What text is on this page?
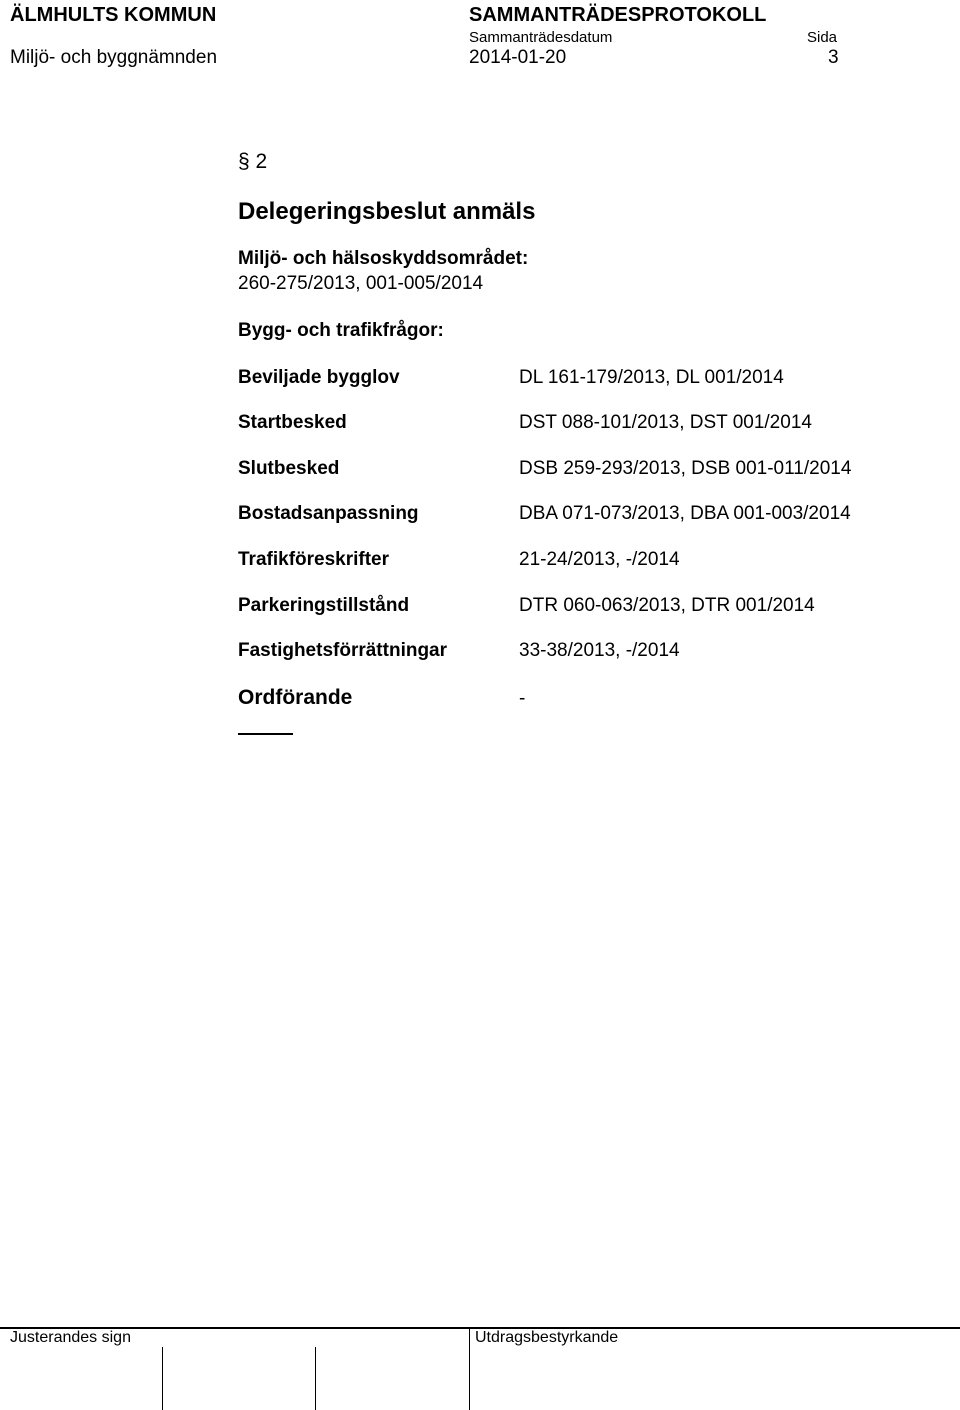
ÄLMHULTS KOMMUN
Miljö- och byggnämnden
SAMMANTRÄDESPROTOKOLL
Sammanträdesdatum
2014-01-20
Sida
3
§ 2
Delegeringsbeslut anmäls
Miljö- och hälsoskyddsområdet:
260-275/2013, 001-005/2014
Bygg- och trafikfrågor:
Beviljade bygglov	DL 161-179/2013, DL 001/2014
Startbesked	DST 088-101/2013, DST 001/2014
Slutbesked	DSB 259-293/2013, DSB 001-011/2014
Bostadsanpassning	DBA 071-073/2013, DBA 001-003/2014
Trafikföreskrifter	21-24/2013, -/2014
Parkeringstillstånd	DTR 060-063/2013, DTR 001/2014
Fastighetsförrättningar	33-38/2013, -/2014
Ordförande	-
Justerandes sign	Utdragsbestyrkande
